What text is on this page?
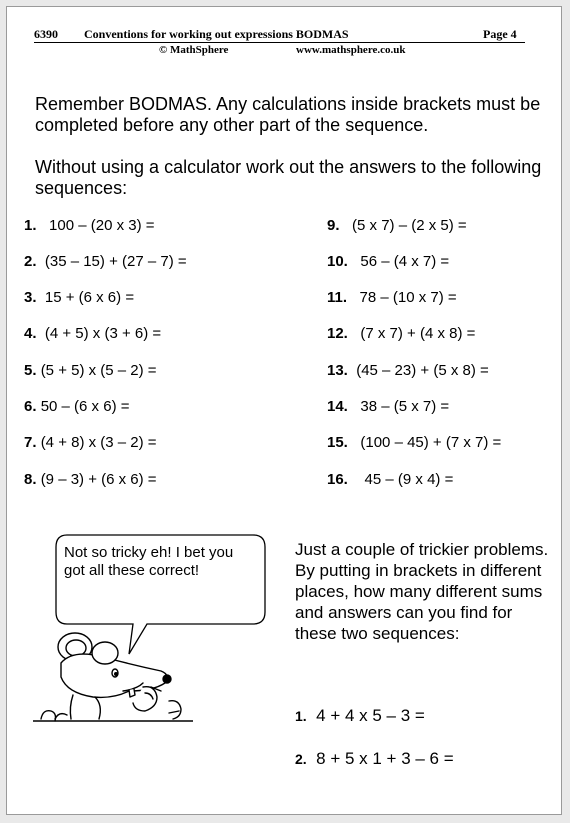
6390 Conventions for working out expressions BODMAS	Page 4
© MathSphere	www.mathsphere.co.uk
Remember BODMAS. Any calculations inside brackets must be completed before any other part of the sequence.
Without using a calculator work out the answers to the following sequences:
1. 100 – (20 x 3) =
2. (35 – 15) + (27 – 7) =
3. 15 + (6 x 6) =
4. (4 + 5) x (3 + 6) =
5. (5 + 5) x (5 – 2) =
6. 50 – (6 x 6) =
7. (4 + 8) x (3 – 2) =
8. (9 – 3) + (6 x 6) =
9. (5 x 7) – (2 x 5) =
10. 56 – (4 x 7) =
11. 78 – (10 x 7) =
12. (7 x 7) + (4 x 8) =
13. (45 – 23) + (5 x 8) =
14. 38 – (5 x 7) =
15. (100 – 45) + (7 x 7) =
16. 45 – (9 x 4) =
Not so tricky eh! I bet you got all these correct!
Just a couple of trickier problems. By putting in brackets in different places, how many different sums and answers can you find for these two sequences:
1. 4 + 4 x 5 – 3 =
2. 8 + 5 x 1 + 3 – 6 =
